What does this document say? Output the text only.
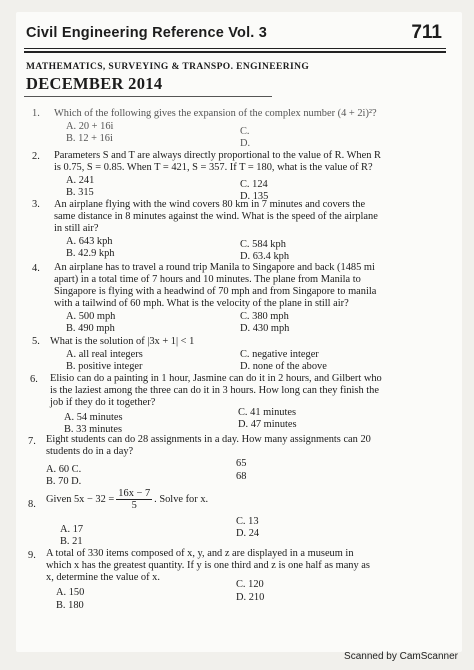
Civil Engineering Reference Vol. 3	711
MATHEMATICS, SURVEYING & TRANSPO. ENGINEERING
DECEMBER 2014
1. Which of the following gives the expansion of the complex number (4 + 2i)²?
A. 20 + 16i
B. 12 + 16i
C.
D.
2. Parameters S and T are always directly proportional to the value of R. When R
is 0.75, S = 0.85. When T = 421, S = 357. If T = 180, what is the value of R?
A. 241
B. 315
C. 124
D. 135
3. An airplane flying with the wind covers 80 km in 7 minutes and covers the
same distance in 8 minutes against the wind. What is the speed of the airplane
in still air?
A. 643 kph
B. 42.9 kph
C. 584 kph
D. 63.4 kph
4. An airplane has to travel a round trip Manila to Singapore and back (1485 mi
apart) in a total time of 7 hours and 10 minutes. The plane from Manila to
Singapore is flying with a headwind of 70 mph and from Singapore to manila
with a tailwind of 60 mph. What is the velocity of the plane in still air?
A. 500 mph
B. 490 mph
C. 380 mph
D. 430 mph
5. What is the solution of |3x + 1| < 1
A. all real integers
B. positive integer
C. negative integer
D. none of the above
6. Elisio can do a painting in 1 hour, Jasmine can do it in 2 hours, and Gilbert who
is the laziest among the three can do it in 3 hours. How long can they finish the
job if they do it together?
A. 54 minutes
B. 33 minutes
C. 41 minutes
D. 47 minutes
7. Eight students can do 28 assignments in a day. How many assignments can 20
students do in a day?
A. 60 C.
B. 70 D.
65
68
8. Given $5x - 32 = \frac{16x - 7}{5}$ . Solve for x.
A. 17
B. 21
C. 13
D. 24
9. A total of 330 items composed of x, y, and z are displayed in a museum in
which x has the greatest quantity. If y is one third and z is one half as many as
x, determine the value of x.
A. 150
B. 180
C. 120
D. 210
Scanned by CamScanner
